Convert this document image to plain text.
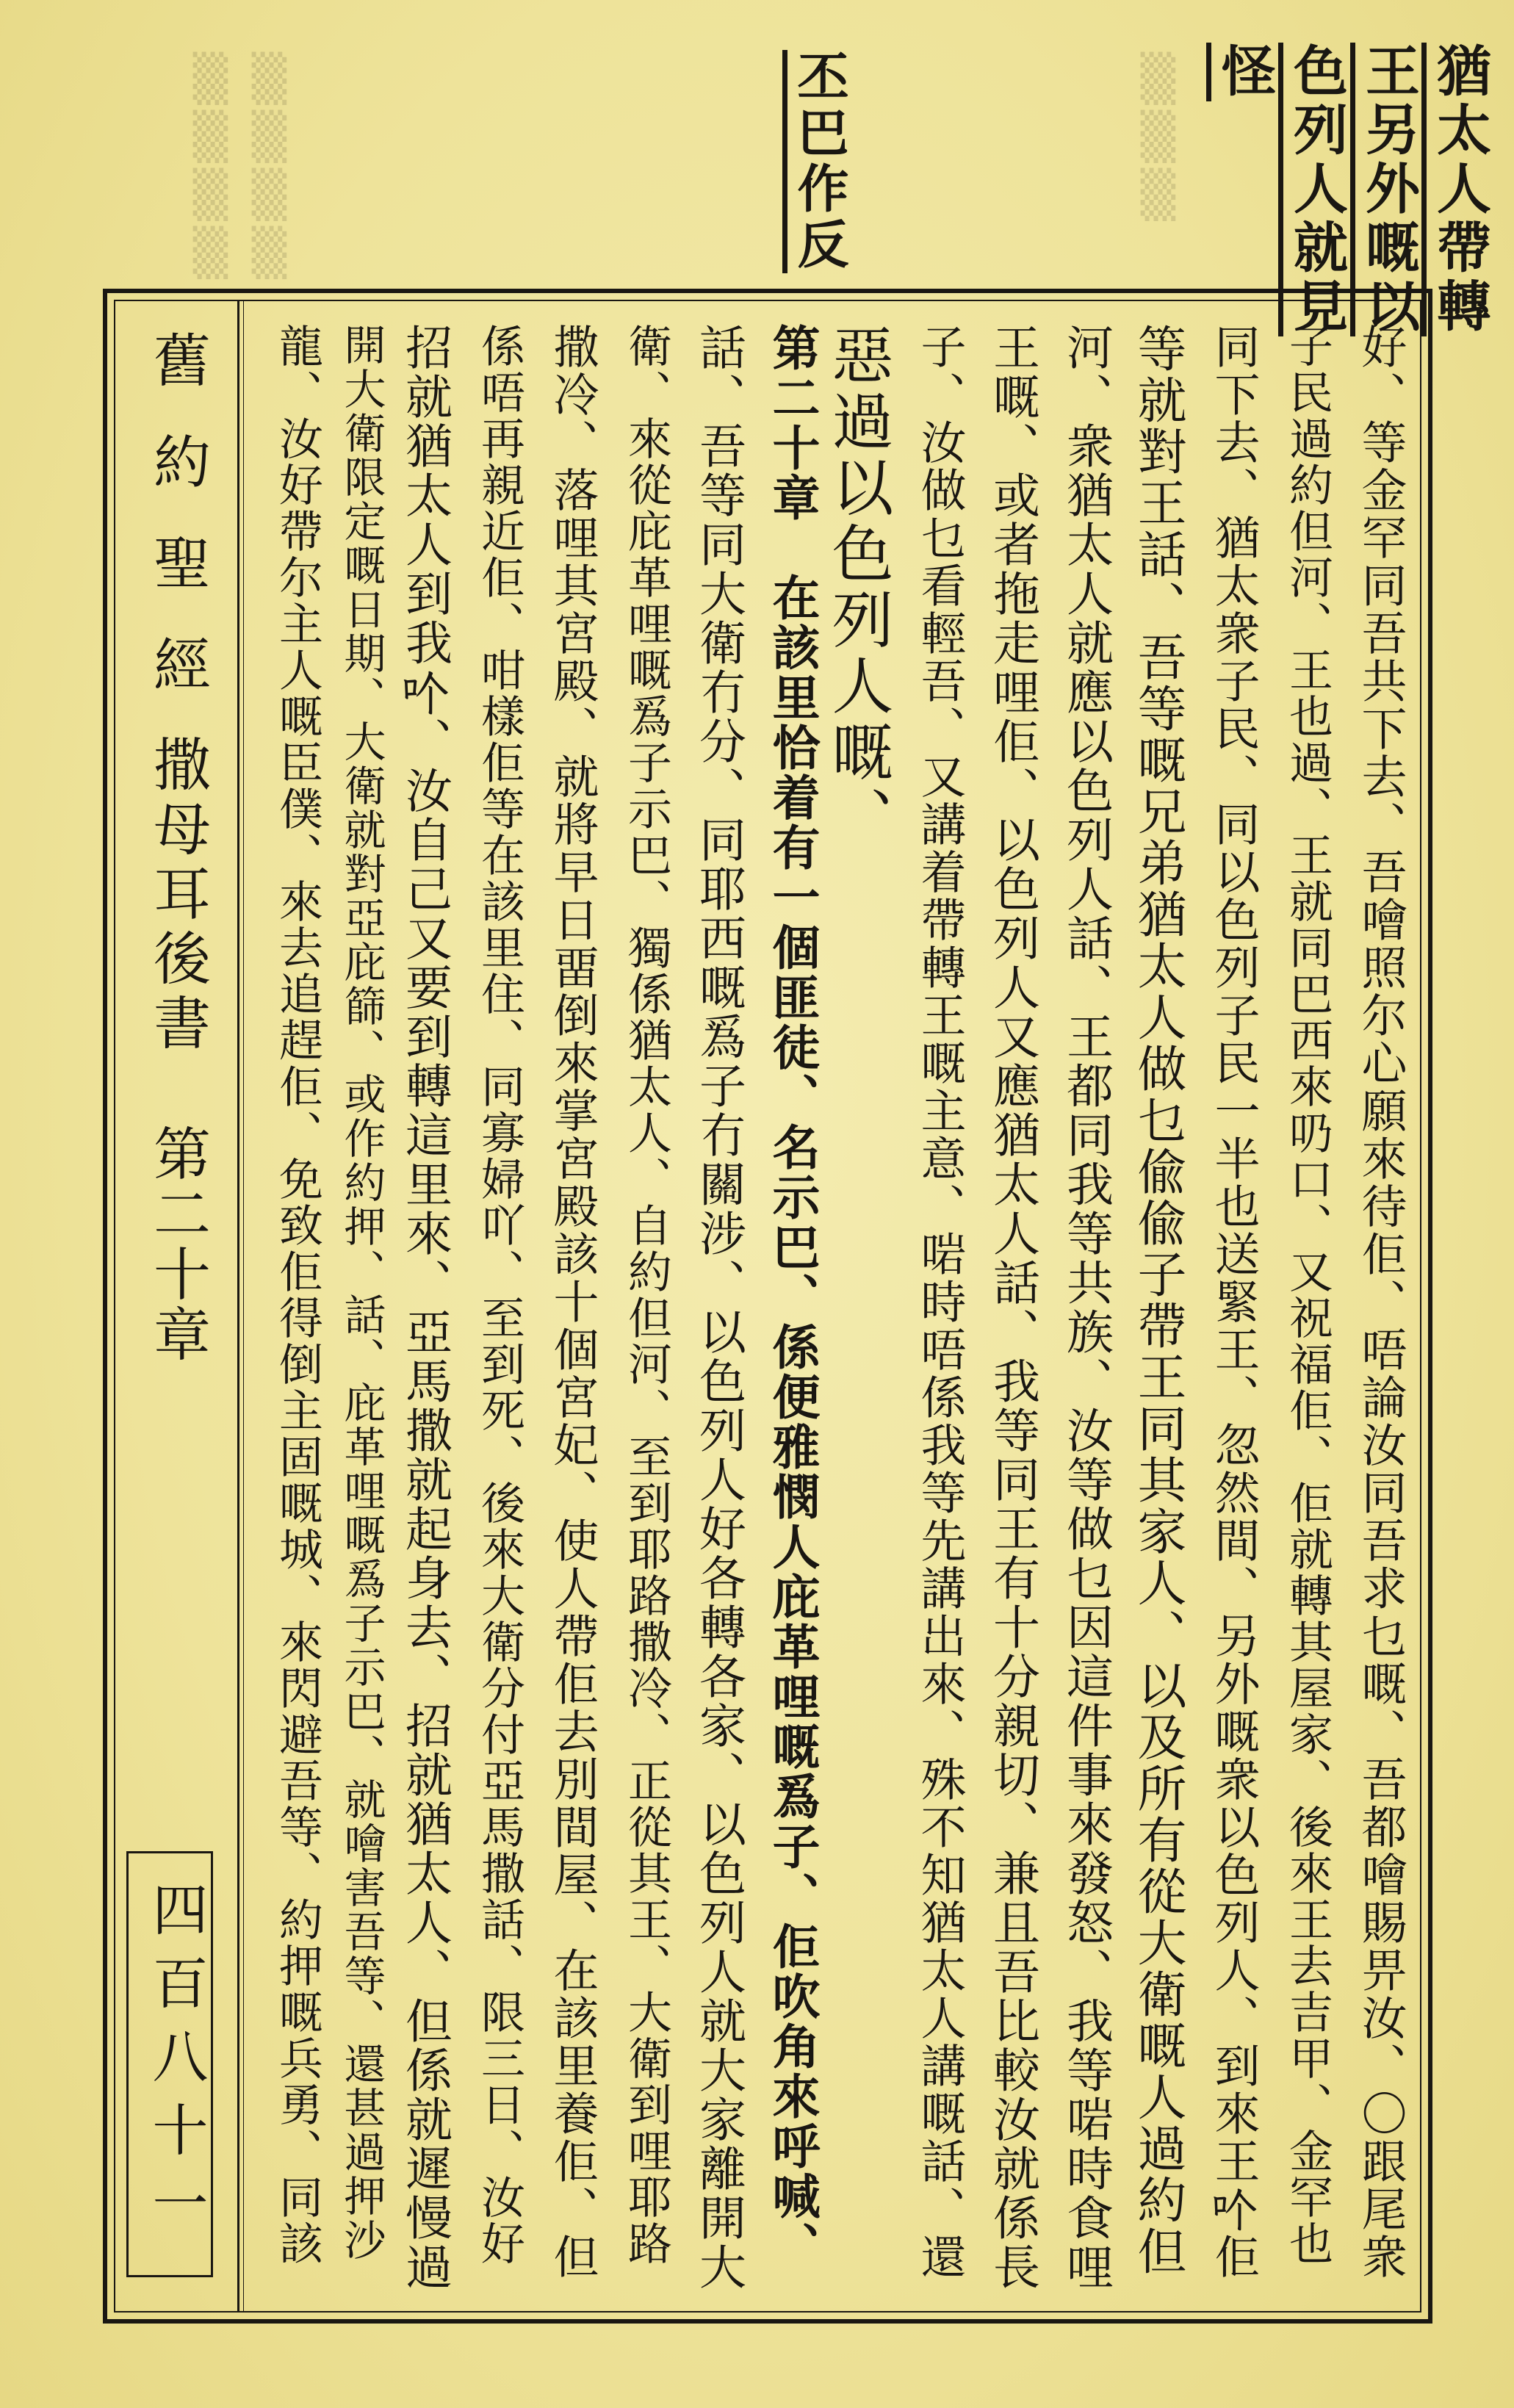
▒▒▒▒ ▒▒▒▒	▒▒▒	猶太人帶轉
王另外嘅以
色列人就見
怪
丕巴作反
舊約聖經
撒母耳後書
第二十章
四百八十一	好、等金罕同吾共下去、吾噲照尔心願來待佢、唔論汝同吾求乜嘅、吾都噲賜畀汝、〇跟尾衆
子民過約但河、王也過、王就同巴西來𠮨口、又祝福佢、佢就轉其屋家、後來王去吉甲、金罕也
同下去、猶太衆子民、同以色列子民一半也送緊王、忽然間、另外嘅衆以色列人、到來王𠮶佢
等就對王話、吾等嘅兄弟猶太人做乜偸偸子帶王同其家人、以及所有從大衛嘅人過約但
河、衆猶太人就應以色列人話、王都同我等共族、汝等做乜因這件事來發怒、我等啱時食哩
王嘅、或者拖走哩佢、以色列人又應猶太人話、我等同王有十分親切、兼且吾比較汝就係長
子、汝做乜看輕吾、又講着帶轉王嘅主意、啱時唔係我等先講出來、殊不知猶太人講嘅話、還
惡過以色列人嘅、
第二十章　在該里恰着有一個匪徒、名示巴、係便雅憫人庇革哩嘅𤔡子、佢吹角來呼喊、
話、吾等同大衛冇分、同耶西嘅𤔡子冇關涉、以色列人好各轉各家、以色列人就大家離開大
衛、來從庇革哩嘅𤔡子示巴、獨係猶太人、自約但河、至到耶路撒冷、正從其王、大衛到哩耶路
撒冷、落哩其宮殿、就將早日畱倒來掌宮殿該十個宮妃、使人帶佢去別間屋、在該里養佢、但
係唔再親近佢、咁樣佢等在該里住、同寡婦吖、至到死、後來大衛分付亞馬撒話、限三日、汝好
招就猶太人到我𠮶、汝自己又要到轉這里來、亞馬撒就起身去、招就猶太人、但係就遲慢過
開大衛限定嘅日期、大衛就對亞庇篩、或作約押、話、庇革哩嘅𤔡子示巴、就噲害吾等、還甚過押沙
龍、汝好帶尔主人嘅臣僕、來去追趕佢、免致佢得倒主固嘅城、來閃避吾等、約押嘅兵勇、同該
